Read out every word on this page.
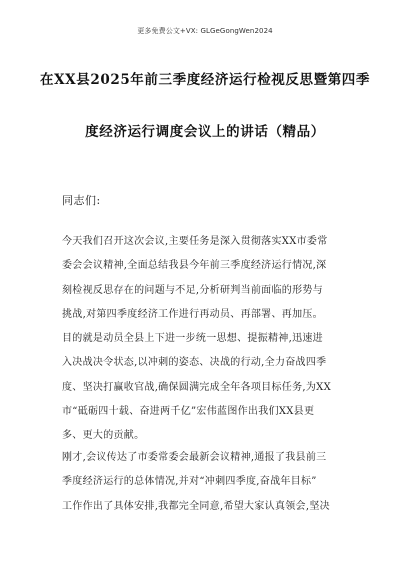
更多免费公文+VX: GLGeGongWen2024
在XX县2025年前三季度经济运行检视反思暨第四季
度经济运行调度会议上的讲话（精品）
同志们:
今天我们召开这次会议,主要任务是深入贯彻落实XX市委常
委会会议精神,全面总结我县今年前三季度经济运行情况,深
刻检视反思存在的问题与不足,分析研判当前面临的形势与
挑战,对第四季度经济工作进行再动员、再部署、再加压。
目的就是动员全县上下进一步统一思想、提振精神,迅速进
入决战决令状态,以冲刺的姿态、决战的行动,全力奋战四季
度、坚决打赢收官战,确保圆满完成全年各项目标任务,为XX
市“砥砺四十载、奋进两千亿”宏伟蓝图作出我们XX县更
多、更大的贡献。
刚才,会议传达了市委常委会最新会议精神,通报了我县前三
季度经济运行的总体情况,并对“冲刺四季度,奋战年目标”
工作作出了具体安排,我都完全同意,希望大家认真领会,坚决
